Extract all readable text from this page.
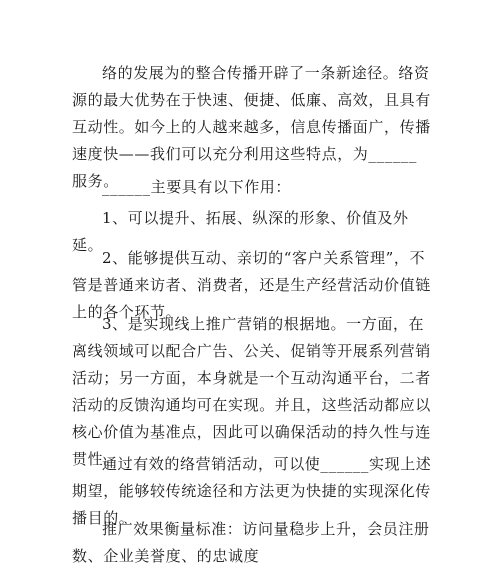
络的发展为的整合传播开辟了一条新途径。络资源的最大优势在于快速、便捷、低廉、高效，且具有互动性。如今上的人越来越多，信息传播面广，传播速度快——我们可以充分利用这些特点，为______服务。

______主要具有以下作用：

1、可以提升、拓展、纵深的形象、价值及外延。

2、能够提供互动、亲切的“客户关系管理”，不管是普通来访者、消费者，还是生产经营活动价值链上的各个环节。

3、是实现线上推广营销的根据地。一方面，在离线领域可以配合广告、公关、促销等开展系列营销活动；另一方面，本身就是一个互动沟通平台，二者活动的反馈沟通均可在实现。并且，这些活动都应以核心价值为基准点，因此可以确保活动的持久性与连贯性。

通过有效的络营销活动，可以使______实现上述期望，能够较传统途径和方法更为快捷的实现深化传播目的。

推广效果衡量标准：访问量稳步上升，会员注册数、企业美誉度、的忠诚度
